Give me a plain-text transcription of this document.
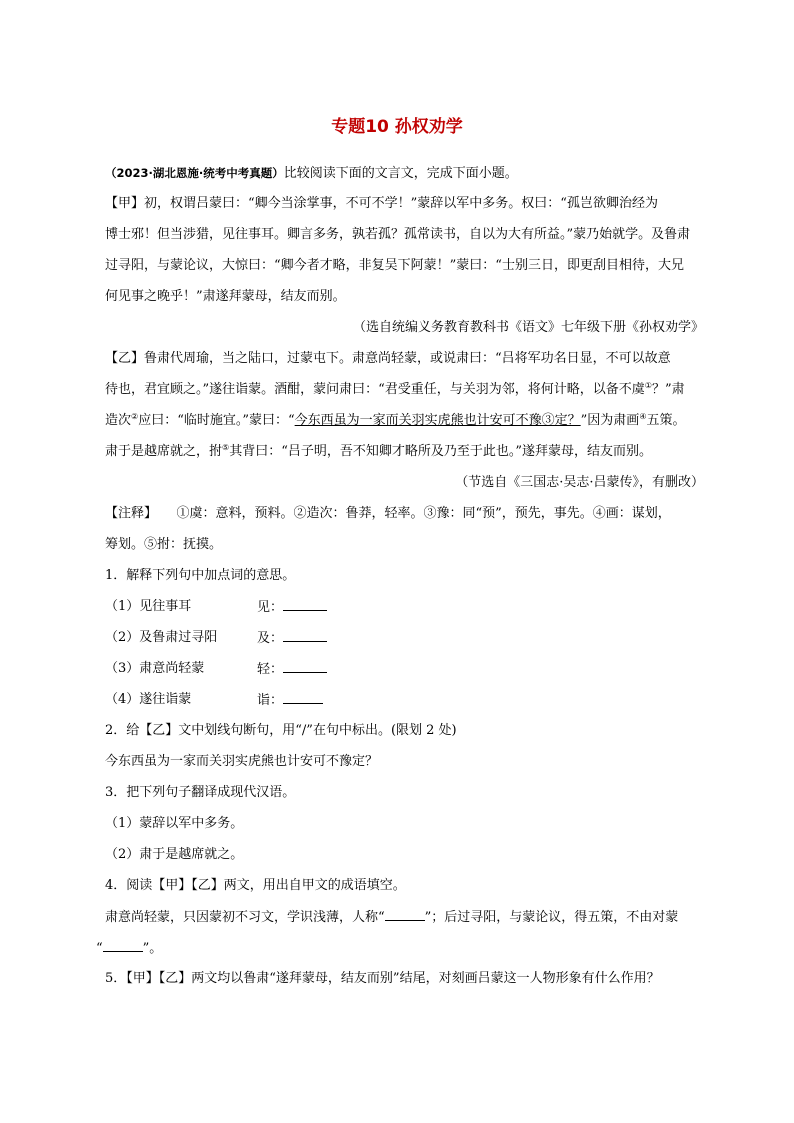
专题10 孙权劝学
（2023·湖北恩施·统考中考真题）比较阅读下面的文言文，完成下面小题。
【甲】初，权谓吕蒙曰：“卿今当涂掌事，不可不学！”蒙辞以军中多务。权曰：“孤岂欲卿治经为
博士邪！但当涉猎，见往事耳。卿言多务，孰若孤？孤常读书，自以为大有所益。”蒙乃始就学。及鲁肃
过寻阳，与蒙论议，大惊曰：“卿今者才略，非复吴下阿蒙！”蒙曰：“士别三日，即更刮目相待，大兄
何见事之晚乎！”肃遂拜蒙母，结友而别。
（选自统编义务教育教科书《语文》七年级下册《孙权劝学》
【乙】鲁肃代周瑜，当之陆口，过蒙屯下。肃意尚轻蒙，或说肃曰：“吕将军功名日显，不可以故意
待也，君宜顾之。”遂往诣蒙。酒酣，蒙问肃曰：“君受重任，与关羽为邻，将何计略，以备不虞①？”肃
造次②应曰：“临时施宜。”蒙曰：“今东西虽为一家而关羽实虎熊也计安可不豫③定？”因为肃画④五策。
肃于是越席就之，拊⑤其背曰：“吕子明，吾不知卿才略所及乃至于此也。”遂拜蒙母，结友而别。
（节选自《三国志·吴志·吕蒙传》，有删改）
【注释】　　①虞：意料，预料。②造次：鲁莽，轻率。③豫：同“预”，预先，事先。④画：谋划，
筹划。⑤拊：抚摸。
1．解释下列句中加点词的意思。
（1）见往事耳	见：
（2）及鲁肃过寻阳	及：
（3）肃意尚轻蒙	轻：
（4）遂往诣蒙	诣：
2．给【乙】文中划线句断句，用“/”在句中标出。(限划 2 处)
今东西虽为一家而关羽实虎熊也计安可不豫定？
3．把下列句子翻译成现代汉语。
（1）蒙辞以军中多务。
（2）肃于是越席就之。
4．阅读【甲】【乙】两文，用出自甲文的成语填空。
肃意尚轻蒙，只因蒙初不习文，学识浅薄，人称“	”；后过寻阳，与蒙论议，得五策，不由对蒙
“	”。
5．【甲】【乙】两文均以鲁肃“遂拜蒙母，结友而别”结尾，对刻画吕蒙这一人物形象有什么作用？
